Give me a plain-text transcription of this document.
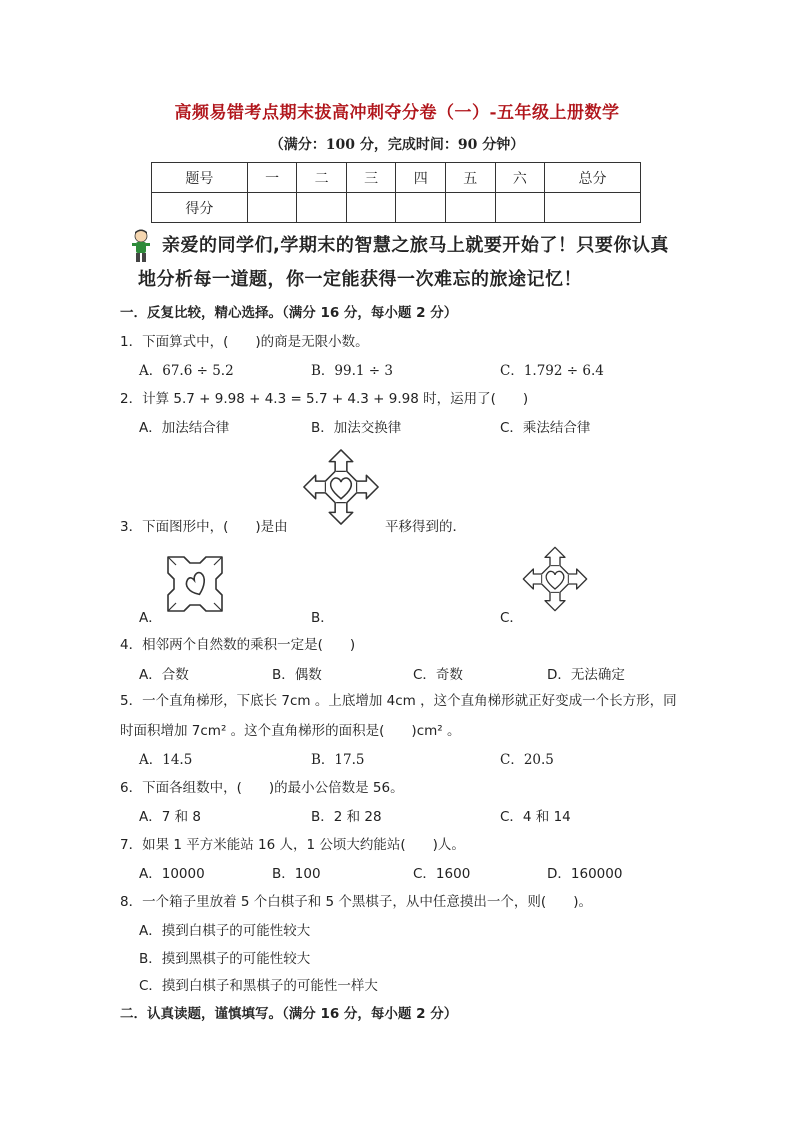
高频易错考点期末拔高冲刺夺分卷（一）-五年级上册数学
（满分：100 分，完成时间：90 分钟）
题号	一	二	三	四	五	六	总分
得分							
亲爱的同学们,学期末的智慧之旅马上就要开始了！只要你认真
地分析每一道题，你一定能获得一次难忘的旅途记忆！
一．反复比较，精心选择。（满分 16 分，每小题 2 分）
1．下面算式中，(　　)的商是无限小数。
A．67.6 ÷ 5.2	B．99.1 ÷ 3	C．1.792 ÷ 6.4
2．计算 5.7 + 9.98 + 4.3 = 5.7 + 4.3 + 9.98 时，运用了(　　)
A．加法结合律	B．加法交换律	C．乘法结合律
3．下面图形中，(　　)是由	平移得到的．
A．	B．	C．
4．相邻两个自然数的乘积一定是(　　)
A．合数	B．偶数	C．奇数	D．无法确定
5．一个直角梯形，下底长 7cm 。上底增加 4cm ，这个直角梯形就正好变成一个长方形，同
时面积增加 7cm² 。这个直角梯形的面积是(　　)cm² 。
A．14.5	B．17.5	C．20.5
6．下面各组数中，(　　)的最小公倍数是 56。
A．7 和 8	B．2 和 28	C．4 和 14
7．如果 1 平方米能站 16 人，1 公顷大约能站(　　)人。
A．10000	B．100	C．1600	D．160000
8．一个箱子里放着 5 个白棋子和 5 个黑棋子，从中任意摸出一个，则(　　)。
A．摸到白棋子的可能性较大
B．摸到黑棋子的可能性较大
C．摸到白棋子和黑棋子的可能性一样大
二．认真读题，谨慎填写。（满分 16 分，每小题 2 分）
